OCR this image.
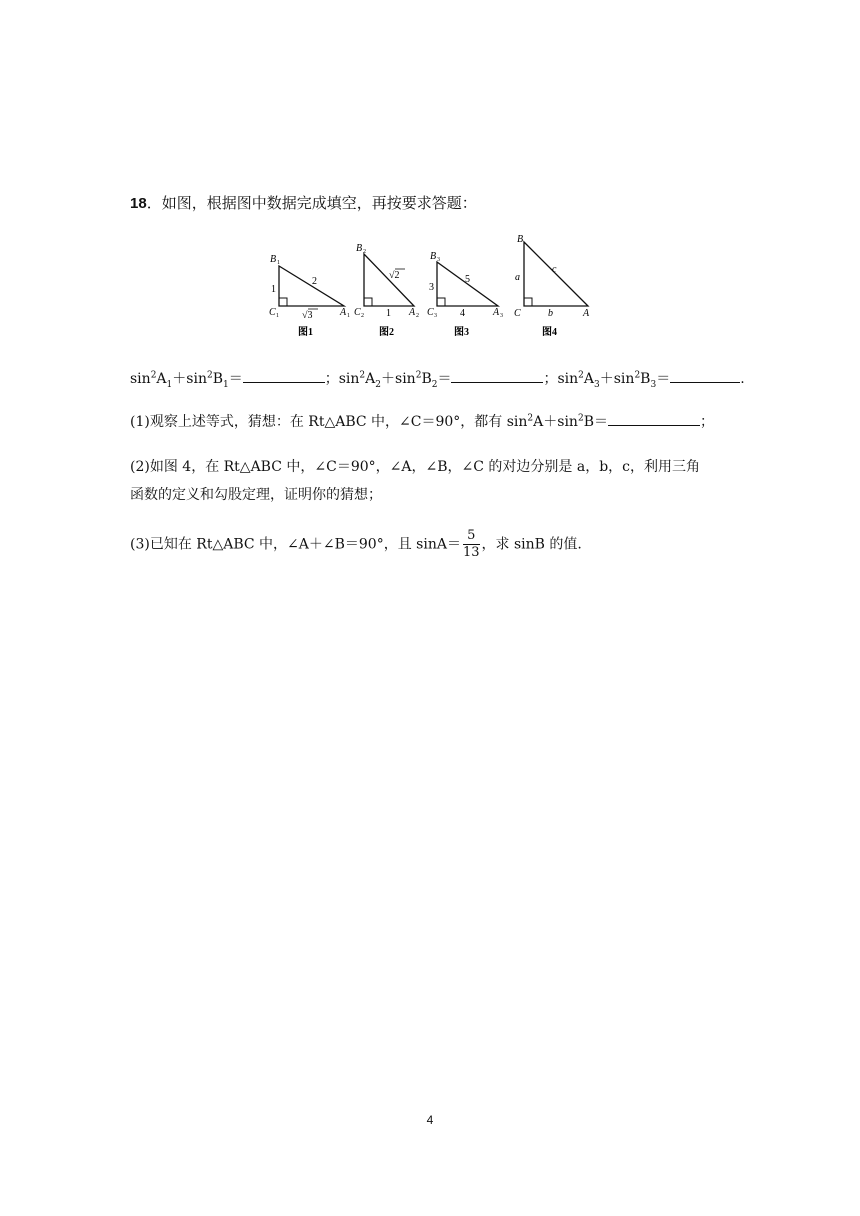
18．如图，根据图中数据完成填空，再按要求答题：
B 1
C 1	A 1
1
2
√3
图1
B 2
C 2	A 2
√2
1
图2
B 3
C 3	A 3
3
5
4
图3
B
C	A
a
c
b
图4
$\sin^2A_1+\sin^2B_1=$	；$\sin^2A_2+\sin^2B_2=$	；$\sin^2A_3+\sin^2B_3=$	.
(1)观察上述等式，猜想：在 Rt△ABC 中，∠C＝90°，都有 $\sin^2A+\sin^2B=$	；
(2)如图 4，在 Rt△ABC 中，∠C＝90°，∠A，∠B，∠C 的对边分别是 a，b，c，利用三角
函数的定义和勾股定理，证明你的猜想；
(3)已知在 Rt△ABC 中，∠A＋∠B＝90°，且 $\sin A= \frac{5}{13}$ ，求 sinB 的值.
4
